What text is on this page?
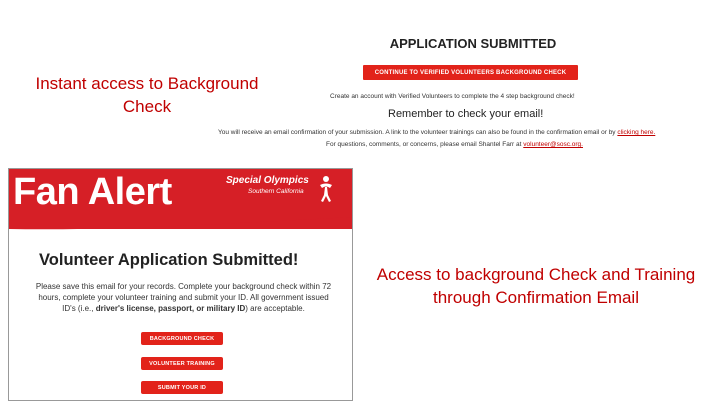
Instant access to Background Check
APPLICATION SUBMITTED
CONTINUE TO VERIFIED VOLUNTEERS BACKGROUND CHECK
Create an account with Verified Volunteers to complete the 4 step background check!
Remember to check your email!
You will receive an email confirmation of your submission. A link to the volunteer trainings can also be found in the confirmation email or by clicking here.
For questions, comments, or concerns, please email Shantel Farr at volunteer@sosc.org.
Fan Alert	Special Olympics
Southern California
Volunteer Application Submitted!
Please save this email for your records. Complete your background check within 72 hours, complete your volunteer training and submit your ID. All government issued ID's (i.e., driver's license, passport, or military ID) are acceptable.
BACKGROUND CHECK
VOLUNTEER TRAINING
SUBMIT YOUR ID
Access to background Check and Training through Confirmation Email
